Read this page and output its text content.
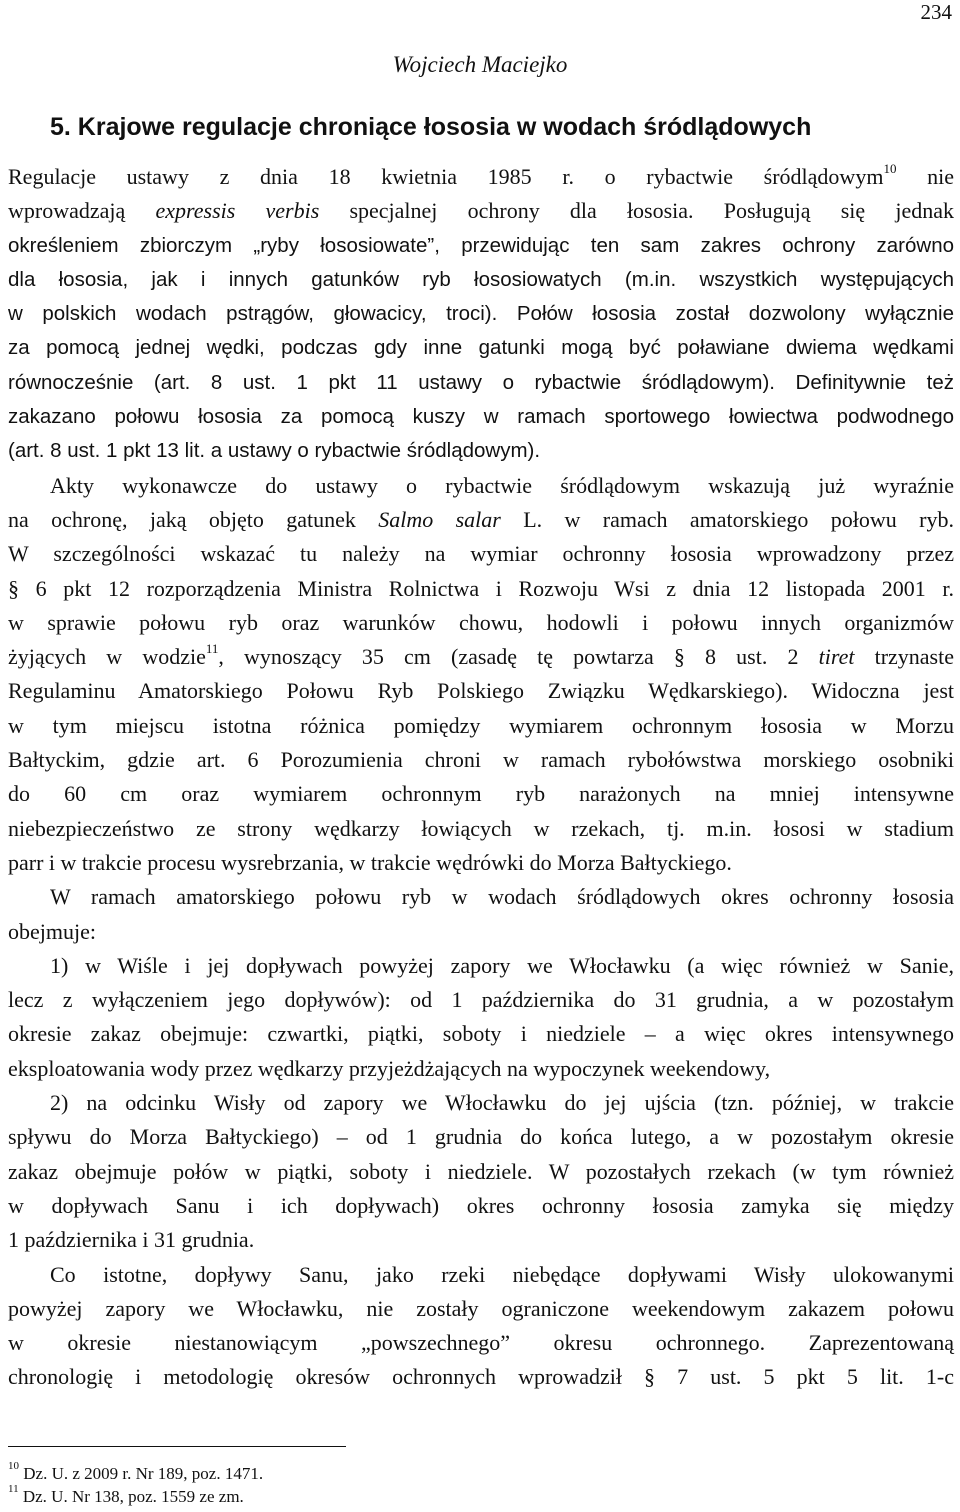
234
Wojciech Maciejko
5. Krajowe regulacje chroniące łososia w wodach śródlądowych
Regulacje ustawy z dnia 18 kwietnia 1985 r. o rybactwie śródlądowym$^{10}$ nie
wprowadzają expressis verbis specjalnej ochrony dla łososia. Posługują się jednak
określeniem zbiorczym „ryby łososiowate”, przewidując ten sam zakres ochrony zarówno
dla łososia, jak i innych gatunków ryb łososiowatych (m.in. wszystkich występujących
w polskich wodach pstrągów, głowacicy, troci). Połów łososia został dozwolony wyłącznie
za pomocą jednej wędki, podczas gdy inne gatunki mogą być poławiane dwiema wędkami
równocześnie (art. 8 ust. 1 pkt 11 ustawy o rybactwie śródlądowym). Definitywnie też
zakazano połowu łososia za pomocą kuszy w ramach sportowego łowiectwa podwodnego
(art. 8 ust. 1 pkt 13 lit. a ustawy o rybactwie śródlądowym).
Akty wykonawcze do ustawy o rybactwie śródlądowym wskazują już wyraźnie
na ochronę, jaką objęto gatunek Salmo salar L. w ramach amatorskiego połowu ryb.
W szczególności wskazać tu należy na wymiar ochronny łososia wprowadzony przez
§ 6 pkt 12 rozporządzenia Ministra Rolnictwa i Rozwoju Wsi z dnia 12 listopada 2001 r.
w sprawie połowu ryb oraz warunków chowu, hodowli i połowu innych organizmów
żyjących w wodzie$^{11}$, wynoszący 35 cm (zasadę tę powtarza § 8 ust. 2 tiret trzynaste
Regulaminu Amatorskiego Połowu Ryb Polskiego Związku Wędkarskiego). Widoczna jest
w tym miejscu istotna różnica pomiędzy wymiarem ochronnym łososia w Morzu
Bałtyckim, gdzie art. 6 Porozumienia chroni w ramach rybołówstwa morskiego osobniki
do 60 cm oraz wymiarem ochronnym ryb narażonych na mniej intensywne
niebezpieczeństwo ze strony wędkarzy łowiących w rzekach, tj. m.in. łososi w stadium
parr i w trakcie procesu wysrebrzania, w trakcie wędrówki do Morza Bałtyckiego.
W ramach amatorskiego połowu ryb w wodach śródlądowych okres ochronny łososia
obejmuje:
1) w Wiśle i jej dopływach powyżej zapory we Włocławku (a więc również w Sanie,
lecz z wyłączeniem jego dopływów): od 1 października do 31 grudnia, a w pozostałym
okresie zakaz obejmuje: czwartki, piątki, soboty i niedziele – a więc okres intensywnego
eksploatowania wody przez wędkarzy przyjeżdżających na wypoczynek weekendowy,
2) na odcinku Wisły od zapory we Włocławku do jej ujścia (tzn. później, w trakcie
spływu do Morza Bałtyckiego) – od 1 grudnia do końca lutego, a w pozostałym okresie
zakaz obejmuje połów w piątki, soboty i niedziele. W pozostałych rzekach (w tym również
w dopływach Sanu i ich dopływach) okres ochronny łososia zamyka się między
1 października i 31 grudnia.
Co istotne, dopływy Sanu, jako rzeki niebędące dopływami Wisły ulokowanymi
powyżej zapory we Włocławku, nie zostały ograniczone weekendowym zakazem połowu
w okresie niestanowiącym „powszechnego” okresu ochronnego. Zaprezentowaną
chronologię i metodologię okresów ochronnych wprowadził § 7 ust. 5 pkt 5 lit. 1-c
$^{10}$ Dz. U. z 2009 r. Nr 189, poz. 1471.
$^{11}$ Dz. U. Nr 138, poz. 1559 ze zm.
